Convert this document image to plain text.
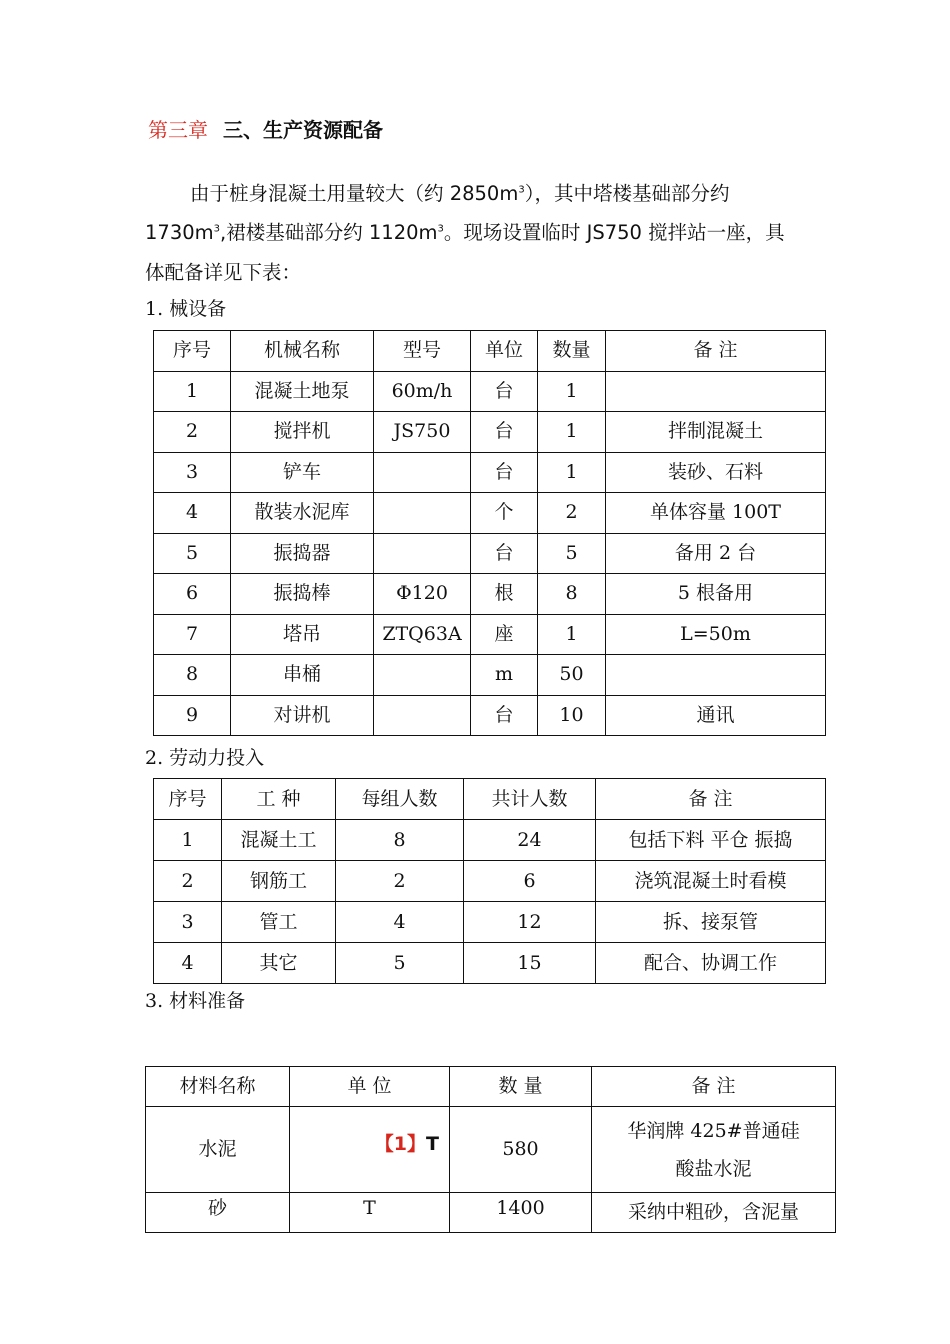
第三章 三、生产资源配备
由于桩身混凝土用量较大（约 $2850m^3$），其中塔楼基础部分约
$1730m^3$,裙楼基础部分约 $1120m^3$。现场设置临时 JS750 搅拌站一座，具
体配备详见下表：
1. 械设备
序号	机械名称	型号	单位	数量	备 注
1	混凝土地泵	60m/h	台	1	
2	搅拌机	JS750	台	1	拌制混凝土
3	铲车		台	1	装砂、石料
4	散装水泥库		个	2	单体容量 100T
5	振捣器		台	5	备用 2 台
6	振捣棒	Φ120	根	8	5 根备用
7	塔吊	ZTQ63A	座	1	L=50m
8	串桶		m	50	
9	对讲机		台	10	通讯
2. 劳动力投入
序号	工 种	每组人数	共计人数	备 注
1	混凝土工	8	24	包括下料 平仓 振捣
2	钢筋工	2	6	浇筑混凝土时看模
3	管工	4	12	拆、接泵管
4	其它	5	15	配合、协调工作
3. 材料准备
材料名称	单 位	数 量	备 注
水泥	【1】T	580	华润牌 425#普通硅
酸盐水泥

砂	T	1400	采纳中粗砂，含泥量
